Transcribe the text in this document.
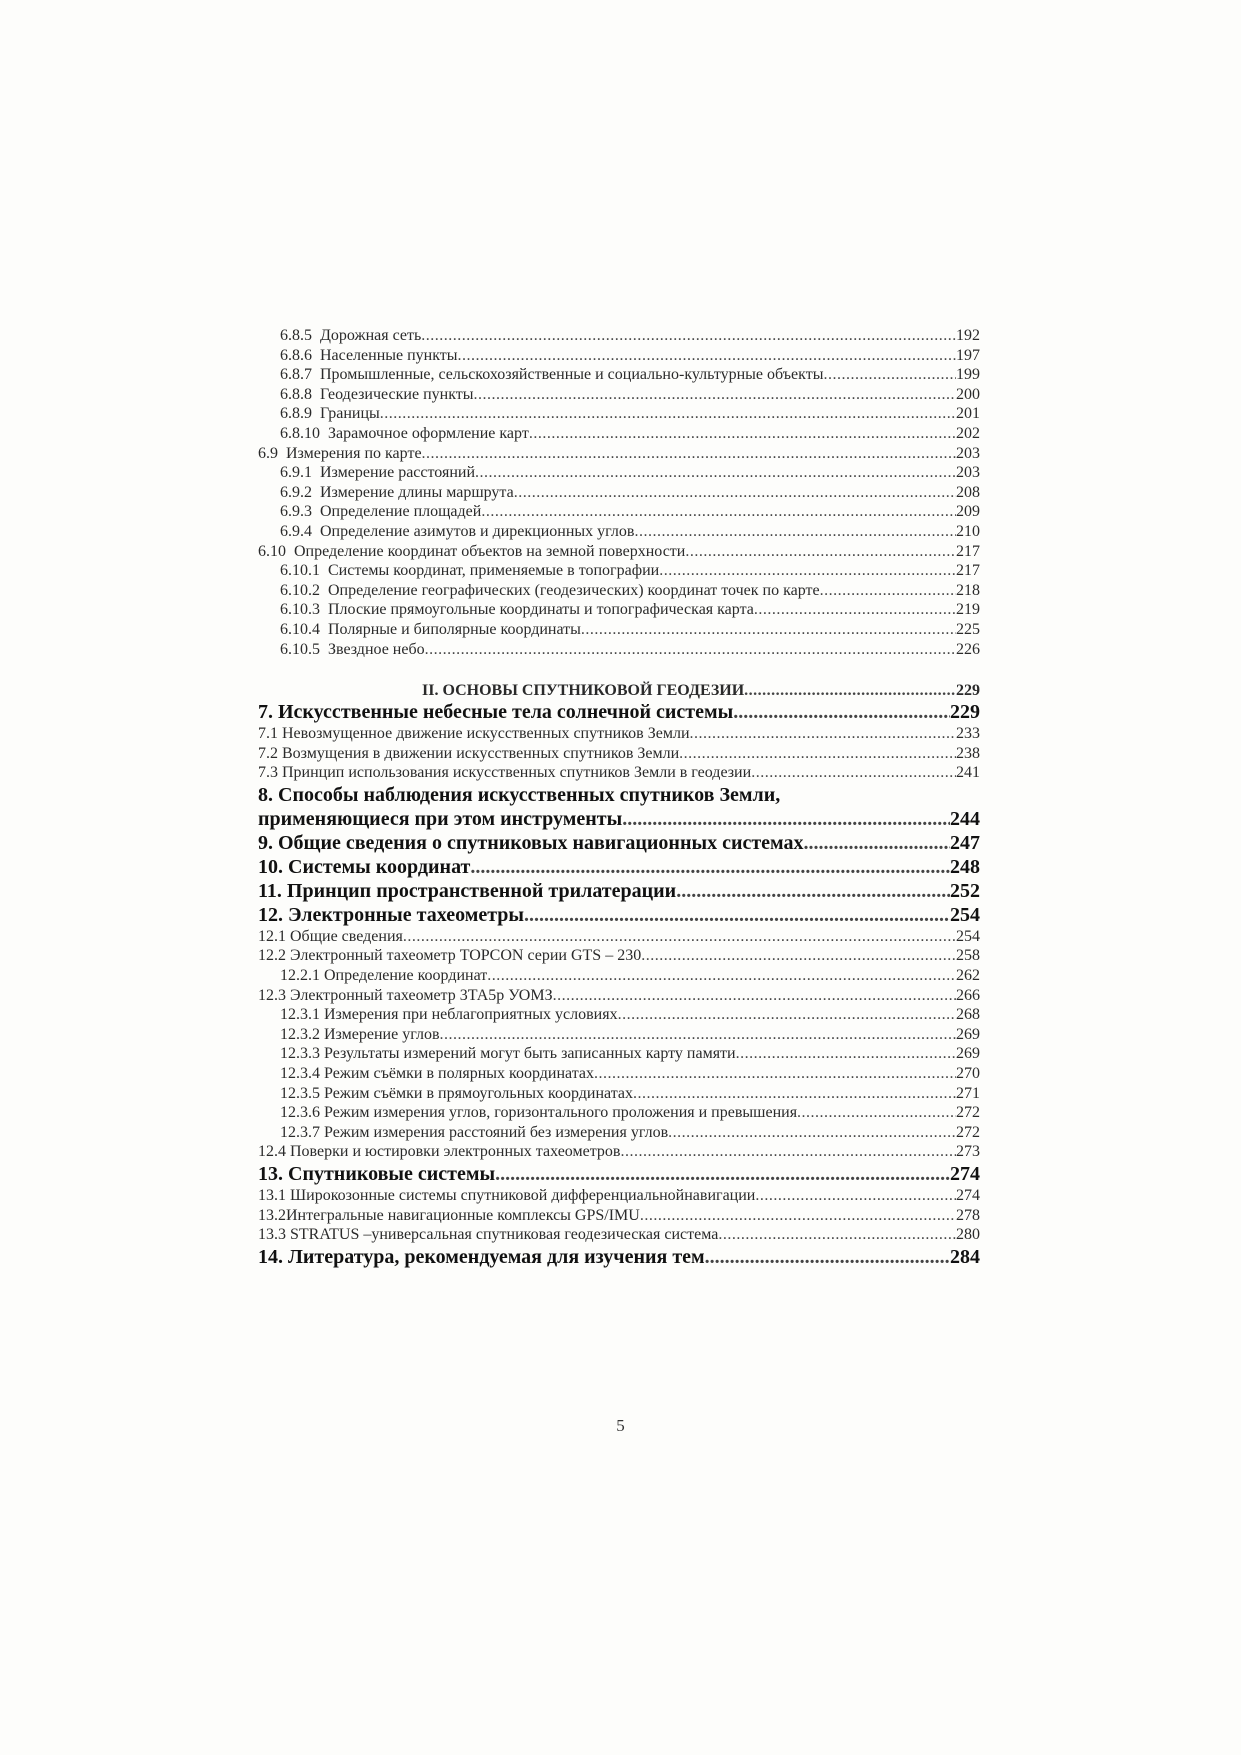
6.8.5 Дорожная сеть .....	192
6.8.6 Населенные пункты .....	197
6.8.7 Промышленные, сельскохозяйственные и социально-культурные объекты .....	199
6.8.8 Геодезические пункты .....	200
6.8.9 Границы .....	201
6.8.10 Зарамочное оформление карт .....	202
6.9 Измерения по карте .....	203
6.9.1 Измерение расстояний .....	203
6.9.2 Измерение длины маршрута .....	208
6.9.3 Определение площадей .....	209
6.9.4 Определение азимутов и дирекционных углов .....	210
6.10 Определение координат объектов на земной поверхности .....	217
6.10.1 Системы координат, применяемые в топографии .....	217
6.10.2 Определение географических (геодезических) координат точек по карте .....	218
6.10.3 Плоские прямоугольные координаты и топографическая карта .....	219
6.10.4 Полярные и биполярные координаты .....	225
6.10.5 Звездное небо .....	226
II. ОСНОВЫ СПУТНИКОВОЙ ГЕОДЕЗИИ .....	229
7. Искусственные небесные тела солнечной системы .....	229
7.1 Невозмущенное движение искусственных спутников Земли .....	233
7.2 Возмущения в движении искусственных спутников Земли .....	238
7.3 Принцип использования искусственных спутников Земли в геодезии .....	241
8. Способы наблюдения искусственных спутников Земли,
применяющиеся при этом инструменты .....	244
9. Общие сведения о спутниковых навигационных системах .....	247
10. Системы координат .....	248
11. Принцип пространственной трилатерации .....	252
12. Электронные тахеометры .....	254
12.1 Общие сведения .....	254
12.2 Электронный тахеометр TOPCON серии GTS – 230 .....	258
12.2.1 Определение координат .....	262
12.3 Электронный тахеометр 3ТА5р УОМЗ .....	266
12.3.1 Измерения при неблагоприятных условиях .....	268
12.3.2 Измерение углов .....	269
12.3.3 Результаты измерений могут быть записанных карту памяти .....	269
12.3.4 Режим съёмки в полярных координатах .....	270
12.3.5 Режим съёмки в прямоугольных координатах .....	271
12.3.6 Режим измерения углов, горизонтального проложения и превышения .....	272
12.3.7 Режим измерения расстояний без измерения углов .....	272
12.4 Поверки и юстировки электронных тахеометров .....	273
13. Спутниковые системы .....	274
13.1 Широкозонные системы спутниковой дифференциальнойнавигации .....	274
13.2Интегральные навигационные комплексы GPS/IMU .....	278
13.3 STRATUS –универсальная спутниковая геодезическая система .....	280
14. Литература, рекомендуемая для изучения тем .....	284
5
